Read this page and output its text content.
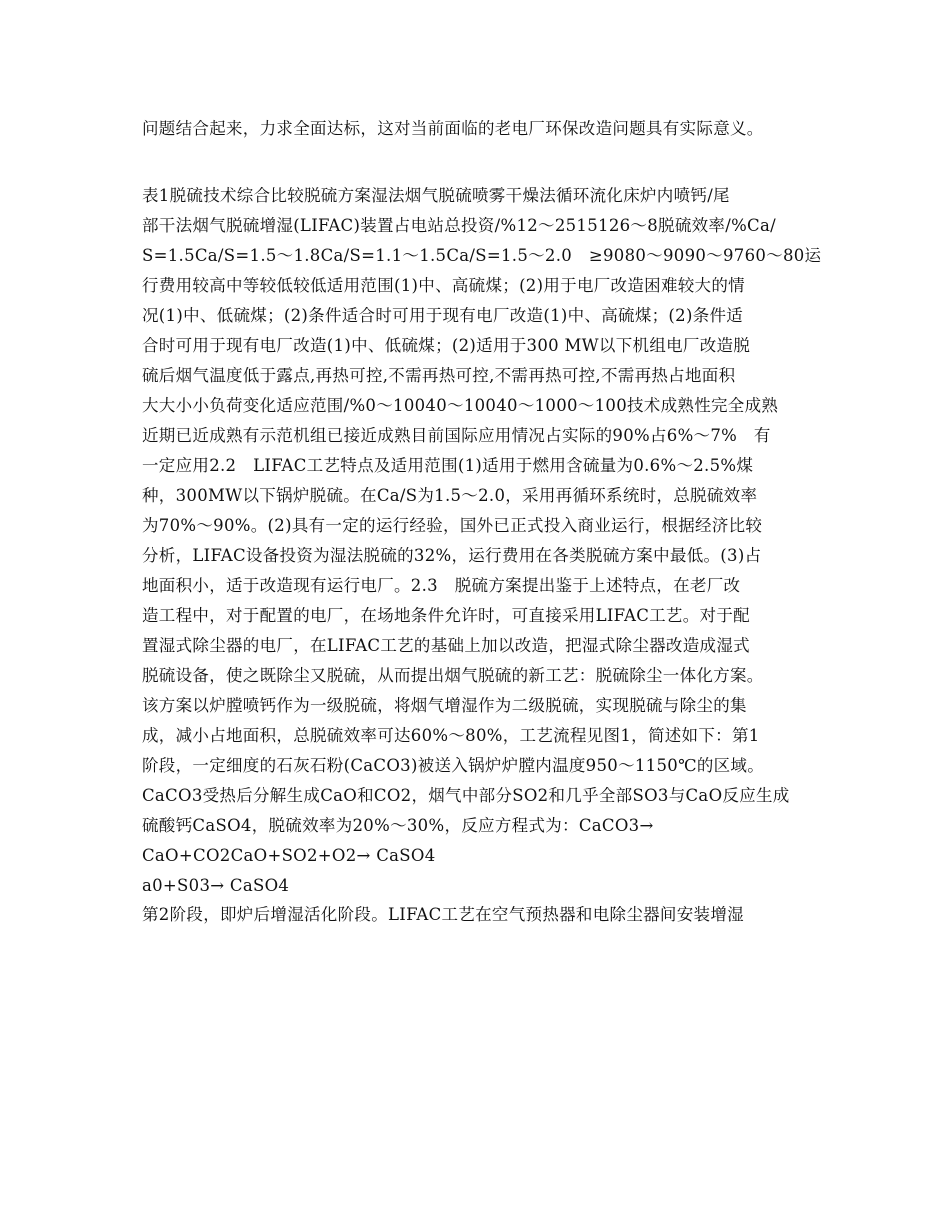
问题结合起来，力求全面达标，这对当前面临的老电厂环保改造问题具有实际意义。
表1脱硫技术综合比较脱硫方案湿法烟气脱硫喷雾干燥法循环流化床炉内喷钙/尾
部干法烟气脱硫增湿(LIFAC)装置占电站总投资/%12～2515126～8脱硫效率/%Ca/
S=1.5Ca/S=1.5～1.8Ca/S=1.1～1.5Ca/S=1.5～2.0　≥9080～9090～9760～80运
行费用较高中等较低较低适用范围(1)中、高硫煤；(2)用于电厂改造困难较大的情
况(1)中、低硫煤；(2)条件适合时可用于现有电厂改造(1)中、高硫煤；(2)条件适
合时可用于现有电厂改造(1)中、低硫煤；(2)适用于300 MW以下机组电厂改造脱
硫后烟气温度低于露点,再热可控,不需再热可控,不需再热可控,不需再热占地面积
大大小小负荷变化适应范围/%0～10040～10040～1000～100技术成熟性完全成熟
近期已近成熟有示范机组已接近成熟目前国际应用情况占实际的90%占6%～7%　有
一定应用2.2　LIFAC工艺特点及适用范围(1)适用于燃用含硫量为0.6%～2.5%煤
种，300MW以下锅炉脱硫。在Ca/S为1.5～2.0，采用再循环系统时，总脱硫效率
为70%～90%。(2)具有一定的运行经验，国外已正式投入商业运行，根据经济比较
分析，LIFAC设备投资为湿法脱硫的32%，运行费用在各类脱硫方案中最低。(3)占
地面积小，适于改造现有运行电厂。2.3　脱硫方案提出鉴于上述特点，在老厂改
造工程中，对于配置的电厂，在场地条件允许时，可直接采用LIFAC工艺。对于配
置湿式除尘器的电厂，在LIFAC工艺的基础上加以改造，把湿式除尘器改造成湿式
脱硫设备，使之既除尘又脱硫，从而提出烟气脱硫的新工艺：脱硫除尘一体化方案。
该方案以炉膛喷钙作为一级脱硫，将烟气增湿作为二级脱硫，实现脱硫与除尘的集
成，减小占地面积，总脱硫效率可达60%～80%，工艺流程见图1，简述如下：第1
阶段，一定细度的石灰石粉(CaCO3)被送入锅炉炉膛内温度950～1150℃的区域。
CaCO3受热后分解生成CaO和CO2，烟气中部分SO2和几乎全部SO3与CaO反应生成
硫酸钙CaSO4，脱硫效率为20%～30%，反应方程式为：CaCO3→
CaO+CO2CaO+SO2+O2→ CaSO4
a0+S03→ CaSO4
第2阶段，即炉后增湿活化阶段。LIFAC工艺在空气预热器和电除尘器间安装增湿
